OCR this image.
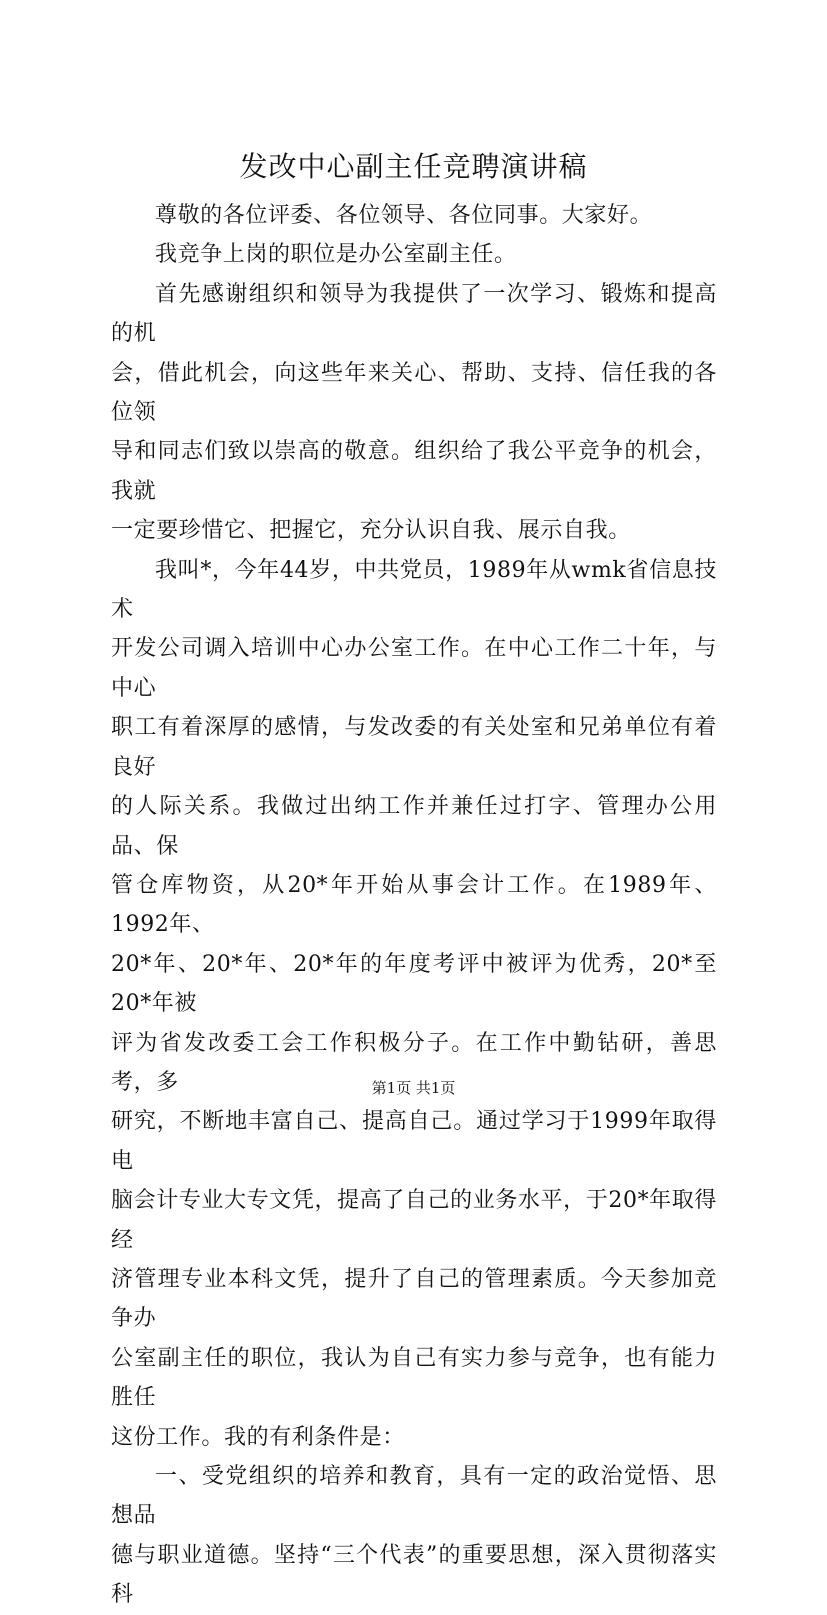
发改中心副主任竞聘演讲稿

尊敬的各位评委、各位领导、各位同事。大家好。

我竞争上岗的职位是办公室副主任。

首先感谢组织和领导为我提供了一次学习、锻炼和提高的机
会，借此机会，向这些年来关心、帮助、支持、信任我的各位领
导和同志们致以崇高的敬意。组织给了我公平竞争的机会，我就
一定要珍惜它、把握它，充分认识自我、展示自我。

我叫*，今年44岁，中共党员，1989年从wmk省信息技术
开发公司调入培训中心办公室工作。在中心工作二十年，与中心
职工有着深厚的感情，与发改委的有关处室和兄弟单位有着良好
的人际关系。我做过出纳工作并兼任过打字、管理办公用品、保
管仓库物资，从20*年开始从事会计工作。在1989年、1992年、
20*年、20*年、20*年的年度考评中被评为优秀，20*至20*年被
评为省发改委工会工作积极分子。在工作中勤钻研，善思考，多
研究，不断地丰富自己、提高自己。通过学习于1999年取得电
脑会计专业大专文凭，提高了自己的业务水平，于20*年取得经
济管理专业本科文凭，提升了自己的管理素质。今天参加竞争办
公室副主任的职位，我认为自己有实力参与竞争，也有能力胜任
这份工作。我的有利条件是：

一、受党组织的培养和教育，具有一定的政治觉悟、思想品
德与职业道德。坚持“三个代表”的重要思想，深入贯彻落实科

第1页 共1页
